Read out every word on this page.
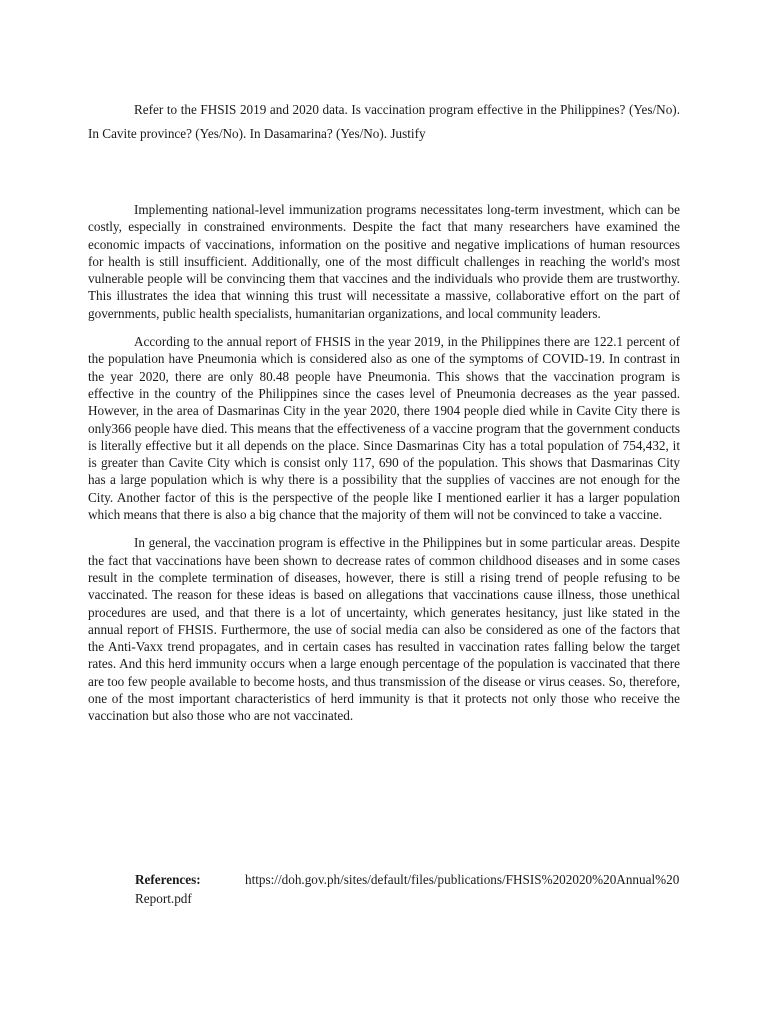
Refer to the FHSIS 2019 and 2020 data. Is vaccination program effective in the Philippines? (Yes/No). In Cavite province? (Yes/No). In Dasamarina? (Yes/No). Justify

Implementing national-level immunization programs necessitates long-term investment, which can be costly, especially in constrained environments. Despite the fact that many researchers have examined the economic impacts of vaccinations, information on the positive and negative implications of human resources for health is still insufficient. Additionally, one of the most difficult challenges in reaching the world's most vulnerable people will be convincing them that vaccines and the individuals who provide them are trustworthy. This illustrates the idea that winning this trust will necessitate a massive, collaborative effort on the part of governments, public health specialists, humanitarian organizations, and local community leaders.

According to the annual report of FHSIS in the year 2019, in the Philippines there are 122.1 percent of the population have Pneumonia which is considered also as one of the symptoms of COVID-19. In contrast in the year 2020, there are only 80.48 people have Pneumonia. This shows that the vaccination program is effective in the country of the Philippines since the cases level of Pneumonia decreases as the year passed. However, in the area of Dasmarinas City in the year 2020, there 1904 people died while in Cavite City there is only366 people have died. This means that the effectiveness of a vaccine program that the government conducts is literally effective but it all depends on the place. Since Dasmarinas City has a total population of 754,432, it is greater than Cavite City which is consist only 117, 690 of the population. This shows that Dasmarinas City has a large population which is why there is a possibility that the supplies of vaccines are not enough for the City. Another factor of this is the perspective of the people like I mentioned earlier it has a larger population which means that there is also a big chance that the majority of them will not be convinced to take a vaccine.

In general, the vaccination program is effective in the Philippines but in some particular areas. Despite the fact that vaccinations have been shown to decrease rates of common childhood diseases and in some cases result in the complete termination of diseases, however, there is still a rising trend of people refusing to be vaccinated. The reason for these ideas is based on allegations that vaccinations cause illness, those unethical procedures are used, and that there is a lot of uncertainty, which generates hesitancy, just like stated in the annual report of FHSIS. Furthermore, the use of social media can also be considered as one of the factors that the Anti-Vaxx trend propagates, and in certain cases has resulted in vaccination rates falling below the target rates. And this herd immunity occurs when a large enough percentage of the population is vaccinated that there are too few people available to become hosts, and thus transmission of the disease or virus ceases. So, therefore, one of the most important characteristics of herd immunity is that it protects not only those who receive the vaccination but also those who are not vaccinated.

References:	https://doh.gov.ph/sites/default/files/publications/FHSIS%202020%20Annual%20Report.pdf
